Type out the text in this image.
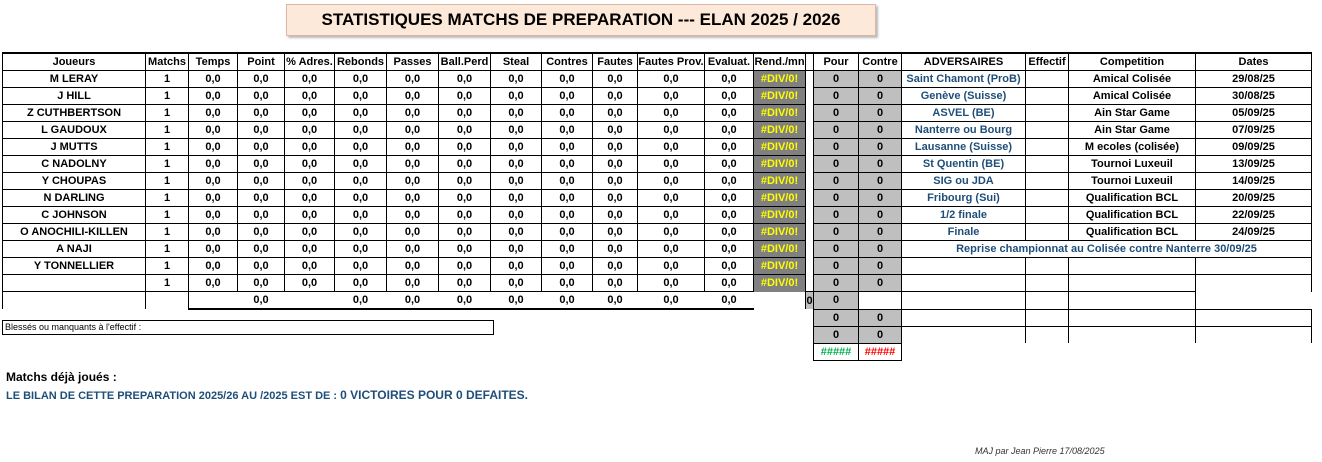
STATISTIQUES MATCHS DE PREPARATION --- ELAN 2025 / 2026
Joueurs	Matchs	Temps	Point	% Adres.	Rebonds	Passes	Ball.Perd	Steal	Contres	Fautes	Fautes Prov.	Evaluat.	Rend./mn		Pour	Contre	ADVERSAIRES	Effectif	Competition	Dates
M LERAY	1	0,0	0,0	0,0	0,0	0,0	0,0	0,0	0,0	0,0	0,0	0,0	#DIV/0!		0	0	Saint Chamont (ProB)		Amical Colisée	29/08/25
J HILL	1	0,0	0,0	0,0	0,0	0,0	0,0	0,0	0,0	0,0	0,0	0,0	#DIV/0!		0	0	Genève (Suisse)		Amical Colisée	30/08/25
Z CUTHBERTSON	1	0,0	0,0	0,0	0,0	0,0	0,0	0,0	0,0	0,0	0,0	0,0	#DIV/0!		0	0	ASVEL (BE)		Ain Star Game	05/09/25
L GAUDOUX	1	0,0	0,0	0,0	0,0	0,0	0,0	0,0	0,0	0,0	0,0	0,0	#DIV/0!		0	0	Nanterre ou Bourg		Ain Star Game	07/09/25
J MUTTS	1	0,0	0,0	0,0	0,0	0,0	0,0	0,0	0,0	0,0	0,0	0,0	#DIV/0!		0	0	Lausanne (Suisse)		M ecoles (colisée)	09/09/25
C NADOLNY	1	0,0	0,0	0,0	0,0	0,0	0,0	0,0	0,0	0,0	0,0	0,0	#DIV/0!		0	0	St Quentin (BE)		Tournoi Luxeuil	13/09/25
Y CHOUPAS	1	0,0	0,0	0,0	0,0	0,0	0,0	0,0	0,0	0,0	0,0	0,0	#DIV/0!		0	0	SIG ou JDA		Tournoi Luxeuil	14/09/25
N DARLING	1	0,0	0,0	0,0	0,0	0,0	0,0	0,0	0,0	0,0	0,0	0,0	#DIV/0!		0	0	Fribourg (Sui)		Qualification BCL	20/09/25
C JOHNSON	1	0,0	0,0	0,0	0,0	0,0	0,0	0,0	0,0	0,0	0,0	0,0	#DIV/0!		0	0	1/2 finale		Qualification BCL	22/09/25
O ANOCHILI-KILLEN	1	0,0	0,0	0,0	0,0	0,0	0,0	0,0	0,0	0,0	0,0	0,0	#DIV/0!		0	0	Finale		Qualification BCL	24/09/25
A NAJI	1	0,0	0,0	0,0	0,0	0,0	0,0	0,0	0,0	0,0	0,0	0,0	#DIV/0!		0	0	Reprise championnat au Colisée contre Nanterre 30/09/25			
Y TONNELLIER	1	0,0	0,0	0,0	0,0	0,0	0,0	0,0	0,0	0,0	0,0	0,0	#DIV/0!		0	0				
	1	0,0	0,0	0,0	0,0	0,0	0,0	0,0	0,0	0,0	0,0	0,0	#DIV/0!		0	0				
			0,0		0,0	0,0	0,0	0,0	0,0	0,0	0,0	0,0		0	0					
															0	0				
															0	0				
															#####	#####				

Blessés ou manquants à l'effectif :
Matchs déjà joués :
LE BILAN DE CETTE PREPARATION 2025/26 AU /2025 EST DE : 0 VICTOIRES POUR 0 DEFAITES.
MAJ par Jean Pierre 17/08/2025
